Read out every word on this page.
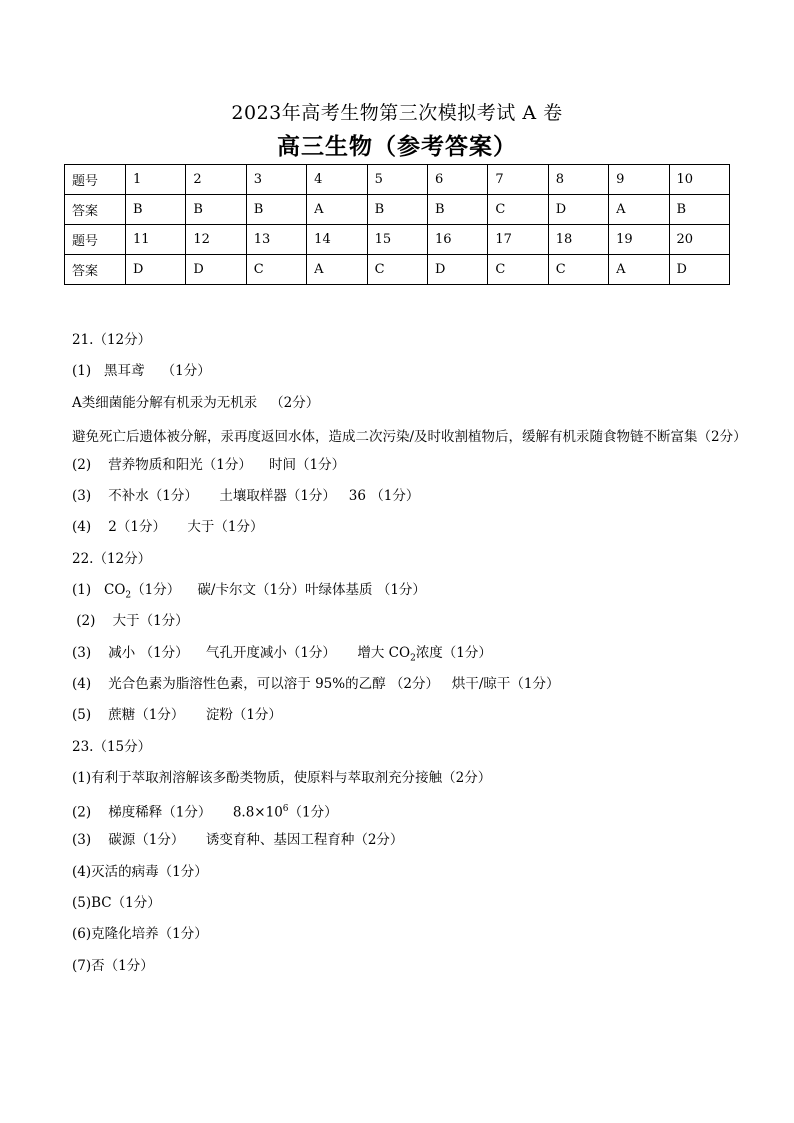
2023年高考生物第三次模拟考试 A 卷
高三生物（参考答案）
题号	1	2	3	4	5	6	7	8	9	10
答案	B	B	B	A	B	B	C	D	A	B
题号	11	12	13	14	15	16	17	18	19	20
答案	D	D	C	A	C	D	C	C	A	D
21.（12分）
(1)   黑耳鸢    （1分）
A类细菌能分解有机汞为无机汞   （2分）
避免死亡后遗体被分解，汞再度返回水体，造成二次污染/及时收割植物后，缓解有机汞随食物链不断富集（2分）
(2)    营养物质和阳光（1分）    时间（1分）
(3)    不补水（1分）     土壤取样器（1分）   36 （1分）
(4)    2（1分）     大于（1分）
22.（12分）
(1)   $CO_2(1$分）    碳/卡尔文（1分）叶绿体基质 （1分）
(2)    大于（1分）
(3)    减小 （1分）    气孔开度减小（1分）     增大 $CO_2$浓度（1分）
(4)    光合色素为脂溶性色素，可以溶于 95%的乙醇 （2分）   烘干/晾干（1分）
(5)    蔗糖（1分）     淀粉（1分）
23.（15分）
(1)有利于萃取剂溶解该多酚类物质，使原料与萃取剂充分接触（2分）
(2)    梯度稀释（1分）     $8.8\times 10^6(1$分）
(3)    碳源（1分）     诱变育种、基因工程育种（2分）
(4)灭活的病毒（1分）
(5)BC（1分）
(6)克隆化培养（1分）
(7)否（1分）
